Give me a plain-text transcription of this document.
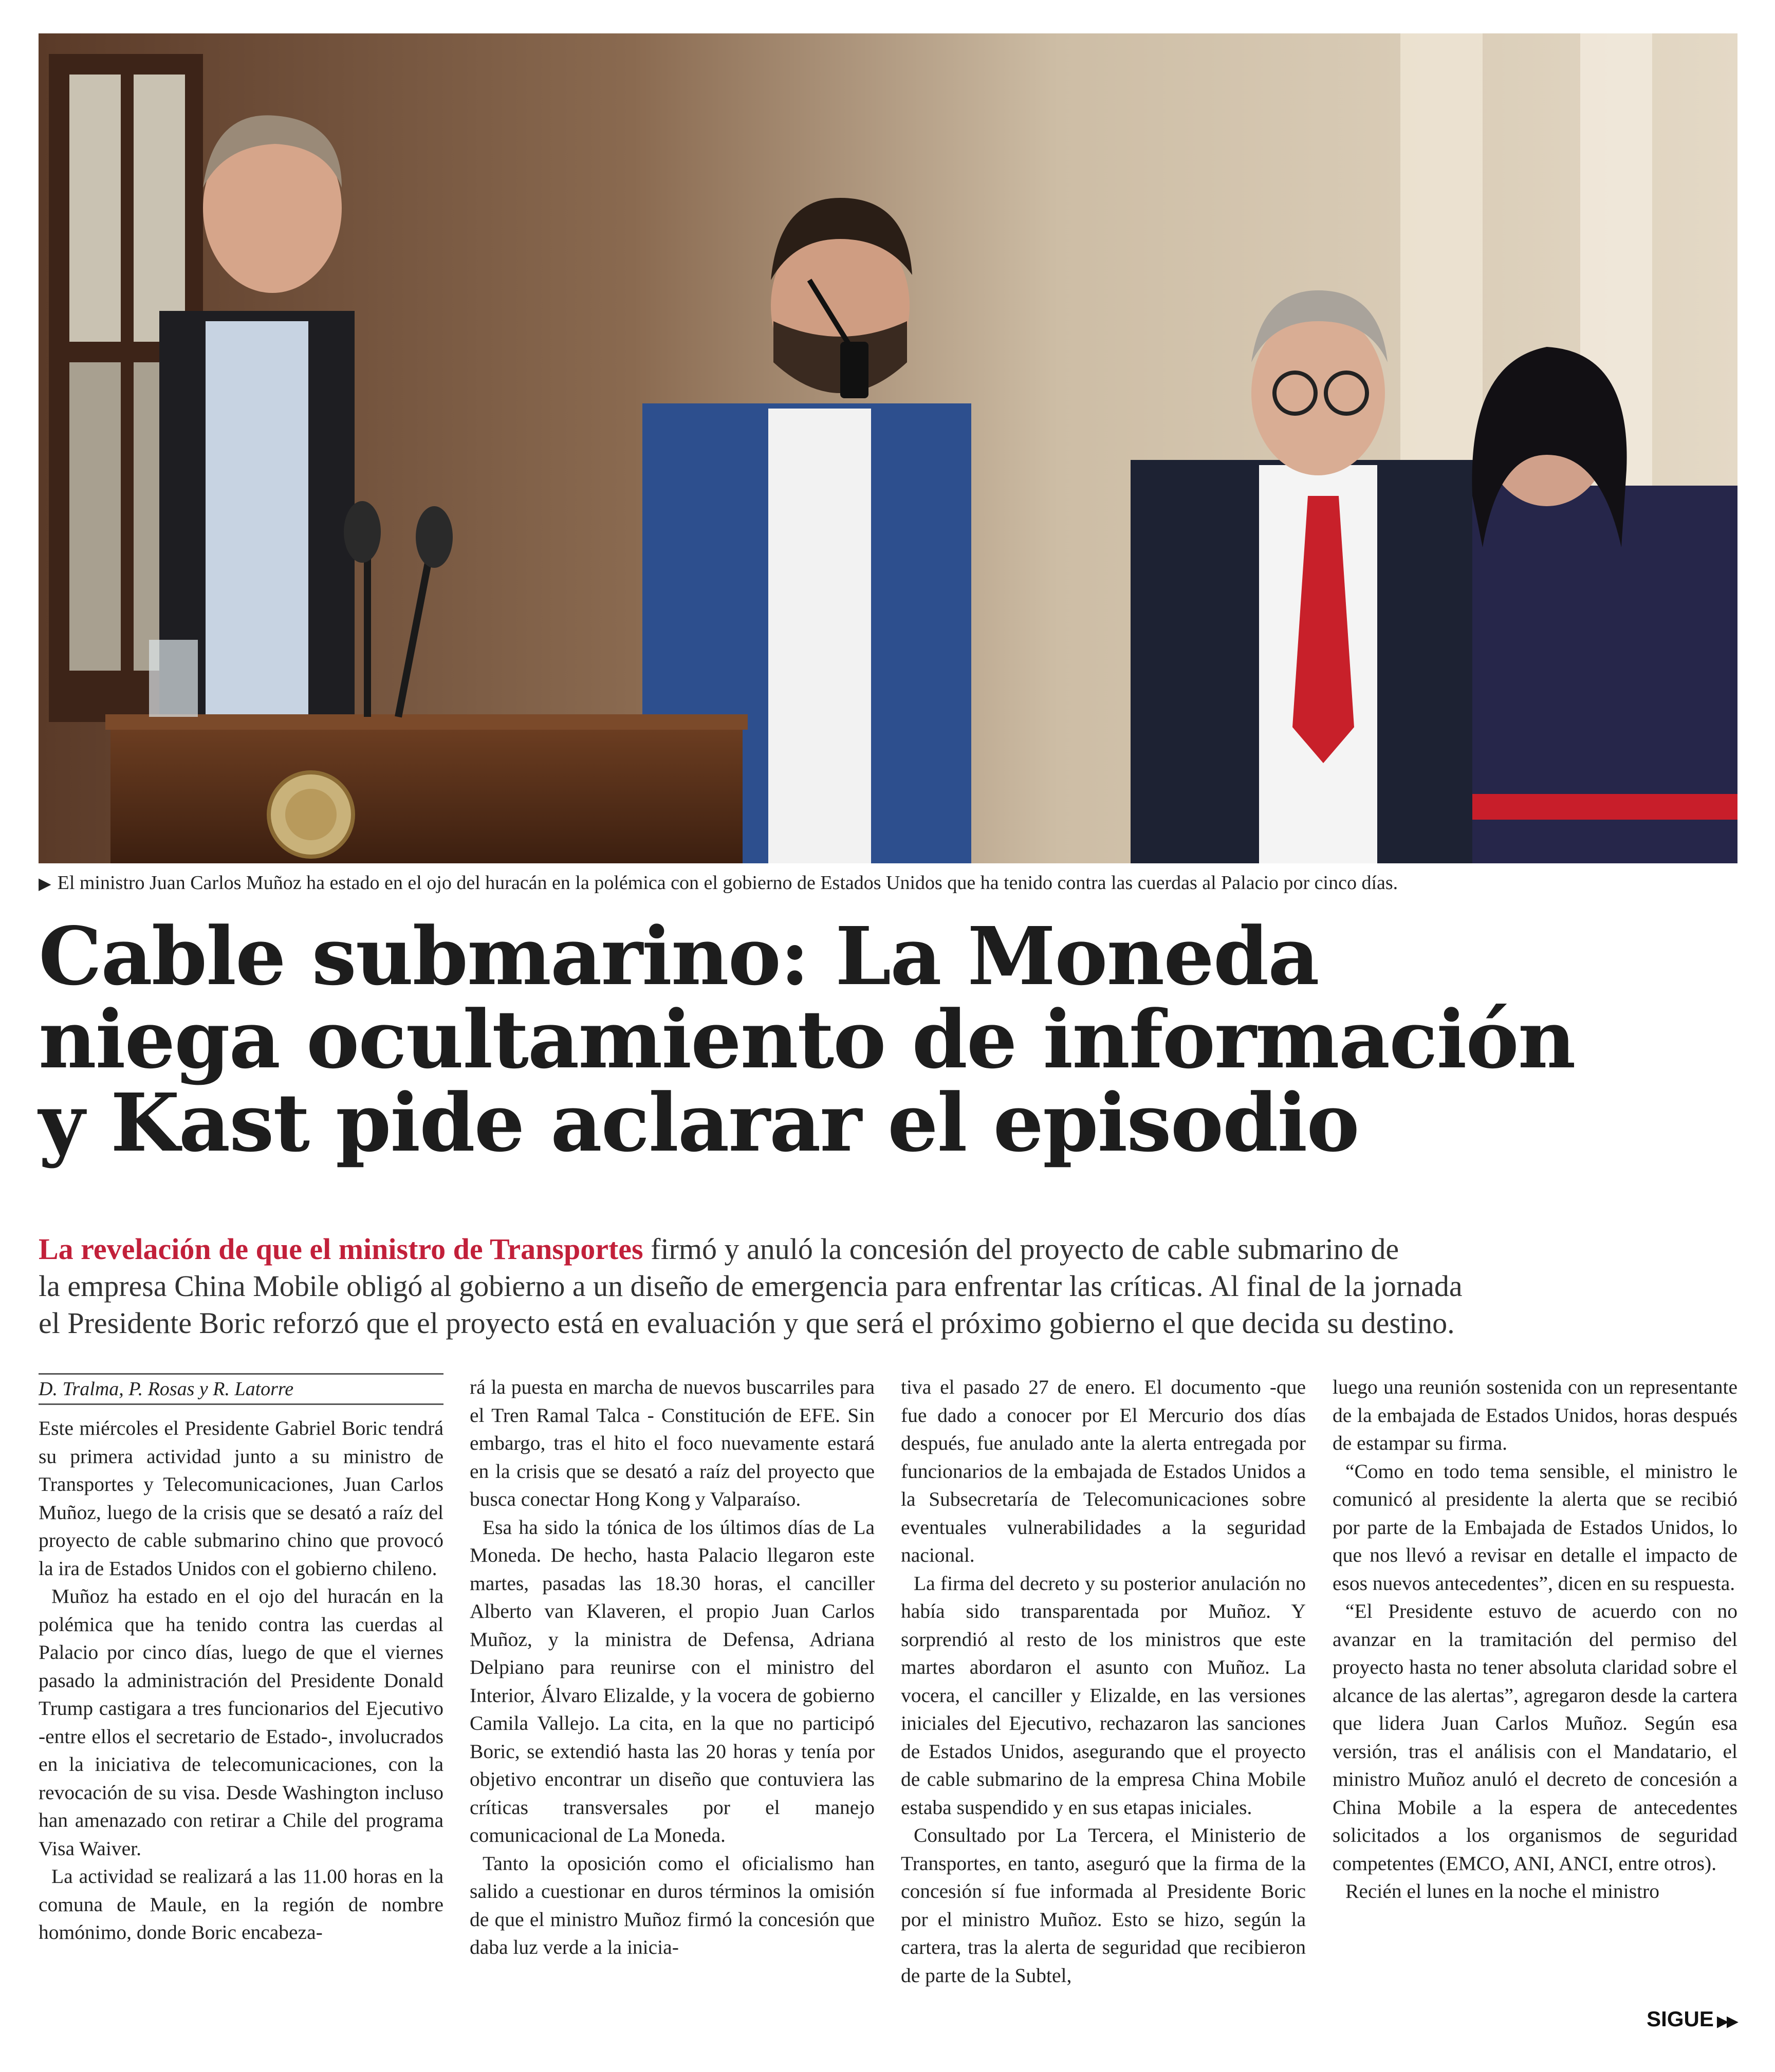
▶ El ministro Juan Carlos Muñoz ha estado en el ojo del huracán en la polémica con el gobierno de Estados Unidos que ha tenido contra las cuerdas al Palacio por cinco días.
Cable submarino: La Moneda
niega ocultamiento de información
y Kast pide aclarar el episodio
La revelación de que el ministro de Transportes firmó y anuló la concesión del proyecto de cable submarino de
la empresa China Mobile obligó al gobierno a un diseño de emergencia para enfrentar las críticas. Al final de la jornada
el Presidente Boric reforzó que el proyecto está en evaluación y que será el próximo gobierno el que decida su destino.
D. Tralma, P. Rosas y R. Latorre

Este miércoles el Presidente Gabriel Boric tendrá su primera actividad junto a su ministro de Transportes y Telecomunicaciones, Juan Carlos Muñoz, luego de la crisis que se desató a raíz del proyecto de cable submarino chino que provocó la ira de Estados Unidos con el gobierno chileno.

Muñoz ha estado en el ojo del huracán en la polémica que ha tenido contra las cuerdas al Palacio por cinco días, luego de que el viernes pasado la administración del Presidente Donald Trump castigara a tres funcionarios del Ejecutivo -entre ellos el secretario de Estado-, involucrados en la iniciativa de telecomunicaciones, con la revocación de su visa. Desde Washington incluso han amenazado con retirar a Chile del programa Visa Waiver.

La actividad se realizará a las 11.00 horas en la comuna de Maule, en la región de nombre homónimo, donde Boric encabeza-

rá la puesta en marcha de nuevos buscarriles para el Tren Ramal Talca - Constitución de EFE. Sin embargo, tras el hito el foco nuevamente estará en la crisis que se desató a raíz del proyecto que busca conectar Hong Kong y Valparaíso.

Esa ha sido la tónica de los últimos días de La Moneda. De hecho, hasta Palacio llegaron este martes, pasadas las 18.30 horas, el canciller Alberto van Klaveren, el propio Juan Carlos Muñoz, y la ministra de Defensa, Adriana Delpiano para reunirse con el ministro del Interior, Álvaro Elizalde, y la vocera de gobierno Camila Vallejo. La cita, en la que no participó Boric, se extendió hasta las 20 horas y tenía por objetivo encontrar un diseño que contuviera las críticas transversales por el manejo comunicacional de La Moneda.

Tanto la oposición como el oficialismo han salido a cuestionar en duros términos la omisión de que el ministro Muñoz firmó la concesión que daba luz verde a la inicia-

tiva el pasado 27 de enero. El documento -que fue dado a conocer por El Mercurio dos días después, fue anulado ante la alerta entregada por funcionarios de la embajada de Estados Unidos a la Subsecretaría de Telecomunicaciones sobre eventuales vulnerabilidades a la seguridad nacional.

La firma del decreto y su posterior anulación no había sido transparentada por Muñoz. Y sorprendió al resto de los ministros que este martes abordaron el asunto con Muñoz. La vocera, el canciller y Elizalde, en las versiones iniciales del Ejecutivo, rechazaron las sanciones de Estados Unidos, asegurando que el proyecto de cable submarino de la empresa China Mobile estaba suspendido y en sus etapas iniciales.

Consultado por La Tercera, el Ministerio de Transportes, en tanto, aseguró que la firma de la concesión sí fue informada al Presidente Boric por el ministro Muñoz. Esto se hizo, según la cartera, tras la alerta de seguridad que recibieron de parte de la Subtel,

luego una reunión sostenida con un representante de la embajada de Estados Unidos, horas después de estampar su firma.

“Como en todo tema sensible, el ministro le comunicó al presidente la alerta que se recibió por parte de la Embajada de Estados Unidos, lo que nos llevó a revisar en detalle el impacto de esos nuevos antecedentes”, dicen en su respuesta.

“El Presidente estuvo de acuerdo con no avanzar en la tramitación del permiso del proyecto hasta no tener absoluta claridad sobre el alcance de las alertas”, agregaron desde la cartera que lidera Juan Carlos Muñoz. Según esa versión, tras el análisis con el Mandatario, el ministro Muñoz anuló el decreto de concesión a China Mobile a la espera de antecedentes solicitados a los organismos de seguridad competentes (EMCO, ANI, ANCI, entre otros).

Recién el lunes en la noche el ministro

SIGUE ▶▶
